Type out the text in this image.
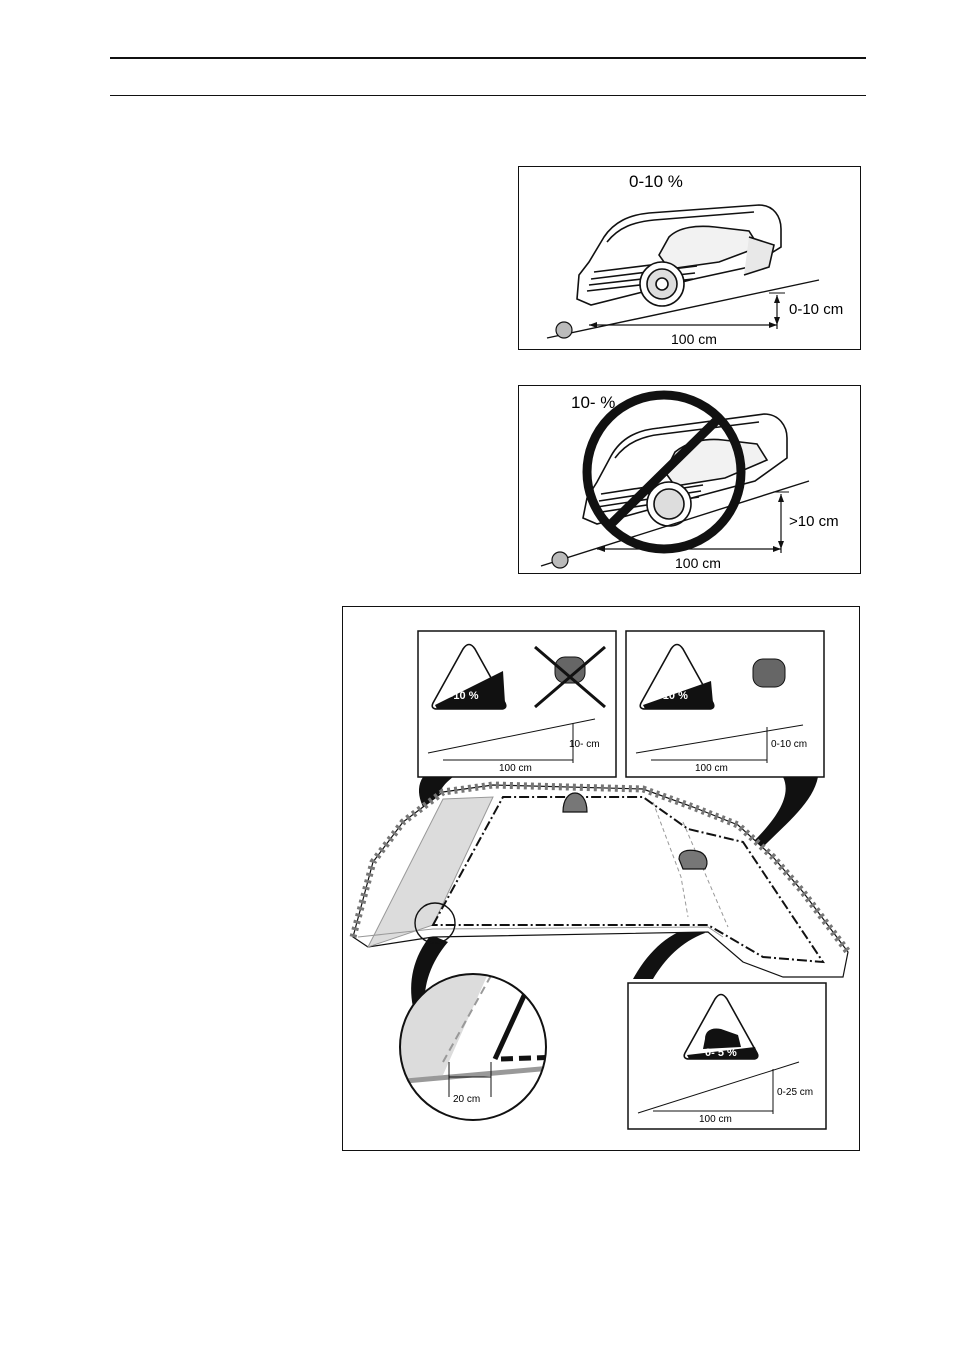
0-10 %
0-10 cm
100 cm
10- %
>10 cm
100 cm
>10 %
10- cm
100 cm
0-10 %
0-10 cm
100 cm
20 cm
0- 5 %
0-25 cm
100 cm
